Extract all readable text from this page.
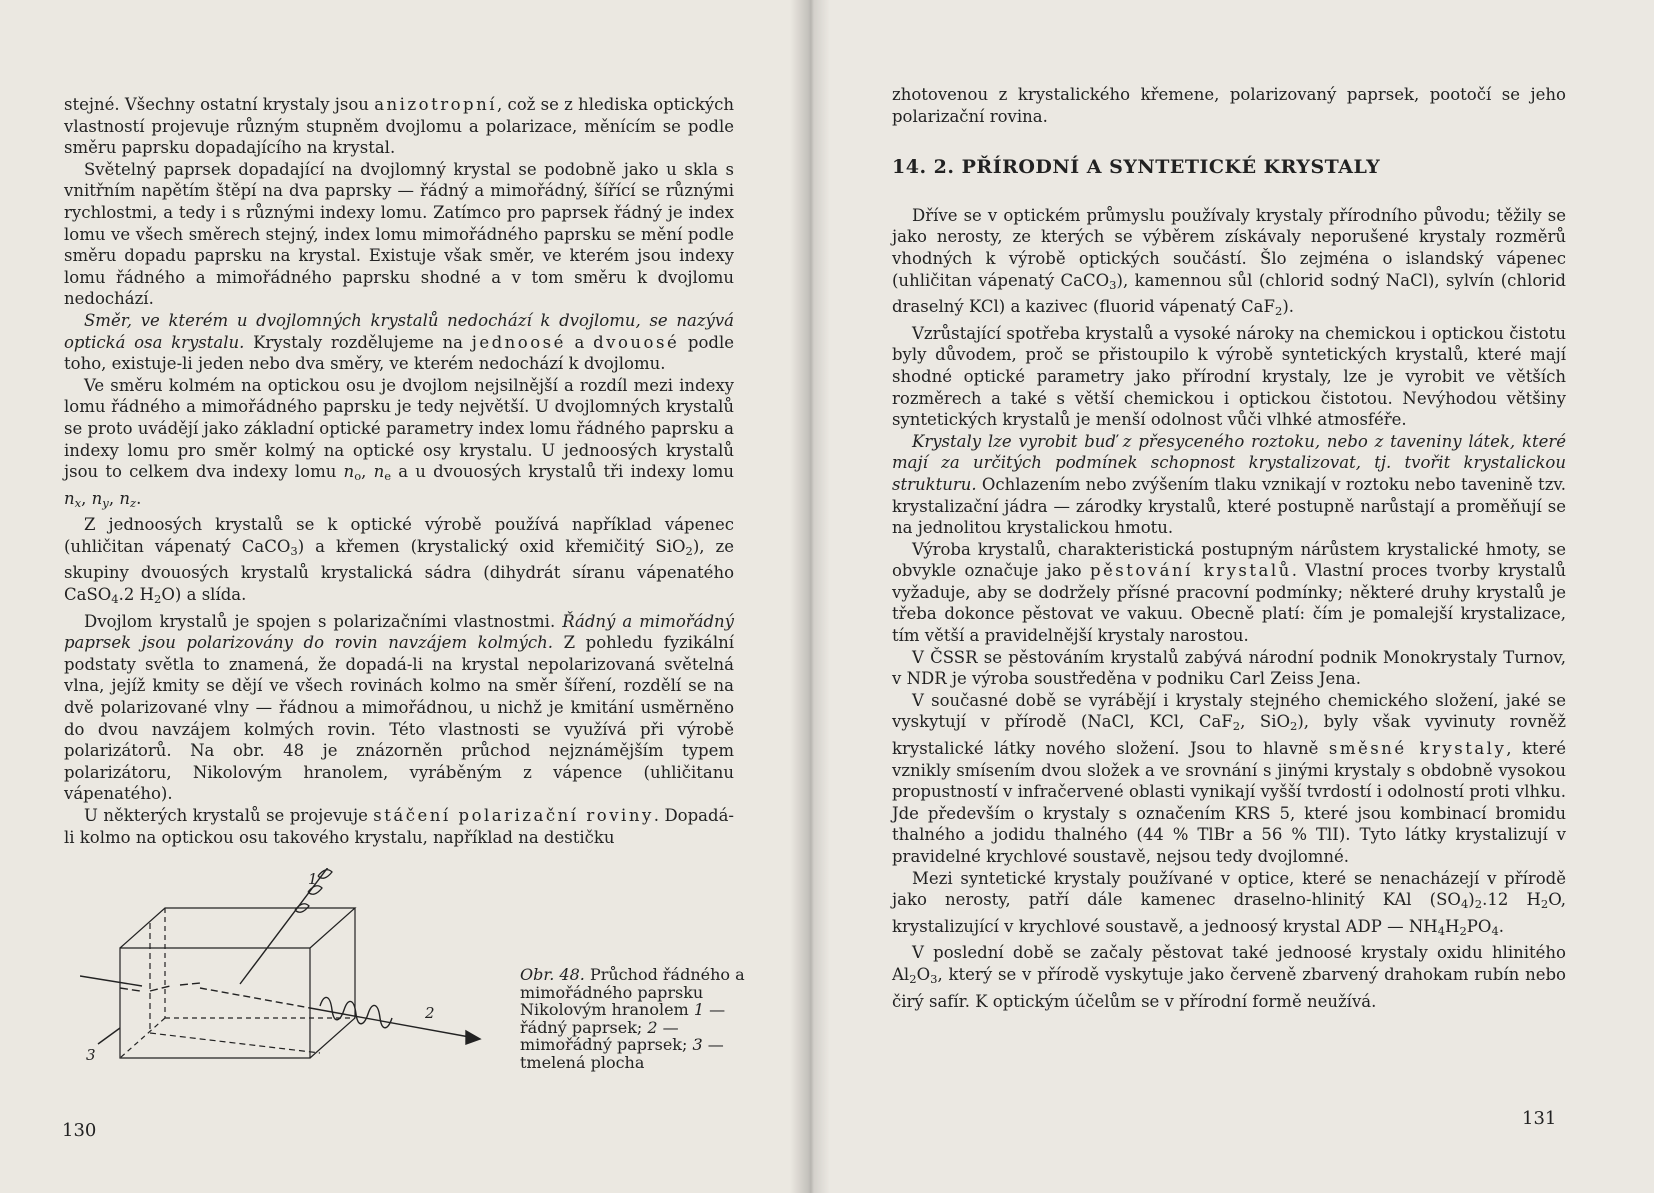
stejné. Všechny ostatní krystaly jsou anizotropní, což se z hlediska optických vlastností projevuje různým stupněm dvojlomu a polarizace, měnícím se podle směru paprsku dopadajícího na krystal.

Světelný paprsek dopadající na dvojlomný krystal se podobně jako u skla s vnitřním napětím štěpí na dva paprsky — řádný a mimořádný, šířící se různými rychlostmi, a tedy i s různými indexy lomu. Zatímco pro paprsek řádný je index lomu ve všech směrech stejný, index lomu mimořádného paprsku se mění podle směru dopadu paprsku na krystal. Existuje však směr, ve kterém jsou indexy lomu řádného a mimořádného paprsku shodné a v tom směru k dvojlomu nedochází.

Směr, ve kterém u dvojlomných krystalů nedochází k dvojlomu, se nazývá optická osa krystalu. Krystaly rozdělujeme na jednoosé a dvouosé podle toho, existuje-li jeden nebo dva směry, ve kterém nedochází k dvojlomu.

Ve směru kolmém na optickou osu je dvojlom nejsilnější a rozdíl mezi indexy lomu řádného a mimořádného paprsku je tedy největší. U dvojlomných krystalů se proto uvádějí jako základní optické parametry index lomu řádného paprsku a indexy lomu pro směr kolmý na optické osy krystalu. U jednoosých krystalů jsou to celkem dva indexy lomu $n_o$, $n_e$ a u dvouosých krystalů tři indexy lomu $n_x$, $n_y$, $n_z$.

Z jednoosých krystalů se k optické výrobě používá například vápenec (uhličitan vápenatý CaCO$_3$) a křemen (krystalický oxid křemičitý SiO$_2$), ze skupiny dvouosých krystalů krystalická sádra (dihydrát síranu vápenatého CaSO$_4$.2 $H_2O$) a slída.

Dvojlom krystalů je spojen s polarizačními vlastnostmi. Řádný a mimořádný paprsek jsou polarizovány do rovin navzájem kolmých. Z pohledu fyzikální podstaty světla to znamená, že dopadá-li na krystal nepolarizovaná světelná vlna, jejíž kmity se dějí ve všech rovinách kolmo na směr šíření, rozdělí se na dvě polarizované vlny — řádnou a mimořádnou, u nichž je kmitání usměrněno do dvou navzájem kolmých rovin. Této vlastnosti se využívá při výrobě polarizátorů. Na obr. 48 je znázorněn průchod nejznámějším typem polarizátoru, Nikolovým hranolem, vyráběným z vápence (uhličitanu vápenatého).

U některých krystalů se projevuje stáčení polarizační roviny. Dopadá-li kolmo na optickou osu takového krystalu, například na destičku

1
2
3

Obr. 48. Průchod řádného a mimořádného paprsku Nikolovým hranolem 1 — řádný paprsek; 2 — mimořádný paprsek; 3 — tmelená plocha

130

zhotovenou z krystalického křemene, polarizovaný paprsek, pootočí se jeho polarizační rovina.

14. 2. PŘÍRODNÍ A SYNTETICKÉ KRYSTALY

Dříve se v optickém průmyslu používaly krystaly přírodního původu; těžily se jako nerosty, ze kterých se výběrem získávaly neporušené krystaly rozměrů vhodných k výrobě optických součástí. Šlo zejména o islandský vápenec (uhličitan vápenatý CaCO$_3$), kamennou sůl (chlorid sodný NaCl), sylvín (chlorid draselný KCl) a kazivec (fluorid vápenatý CaF$_2$).

Vzrůstající spotřeba krystalů a vysoké nároky na chemickou i optickou čistotu byly důvodem, proč se přistoupilo k výrobě syntetických krystalů, které mají shodné optické parametry jako přírodní krystaly, lze je vyrobit ve větších rozměrech a také s větší chemickou i optickou čistotou. Nevýhodou většiny syntetických krystalů je menší odolnost vůči vlhké atmosféře.

Krystaly lze vyrobit buď z přesyceného roztoku, nebo z taveniny látek, které mají za určitých podmínek schopnost krystalizovat, tj. tvořit krystalickou strukturu. Ochlazením nebo zvýšením tlaku vznikají v roztoku nebo tavenině tzv. krystalizační jádra — zárodky krystalů, které postupně narůstají a proměňují se na jednolitou krystalickou hmotu.

Výroba krystalů, charakteristická postupným nárůstem krystalické hmoty, se obvykle označuje jako pěstování krystalů. Vlastní proces tvorby krystalů vyžaduje, aby se dodržely přísné pracovní podmínky; některé druhy krystalů je třeba dokonce pěstovat ve vakuu. Obecně platí: čím je pomalejší krystalizace, tím větší a pravidelnější krystaly narostou.

V ČSSR se pěstováním krystalů zabývá národní podnik Monokrystaly Turnov, v NDR je výroba soustředěna v podniku Carl Zeiss Jena.

V současné době se vyrábějí i krystaly stejného chemického složení, jaké se vyskytují v přírodě (NaCl, KCl, CaF$_2$, SiO$_2$), byly však vyvinuty rovněž krystalické látky nového složení. Jsou to hlavně směsné krystaly, které vznikly smísením dvou složek a ve srovnání s jinými krystaly s obdobně vysokou propustností v infračervené oblasti vynikají vyšší tvrdostí i odolností proti vlhku. Jde především o krystaly s označením KRS 5, které jsou kombinací bromidu thalného a jodidu thalného (44 % TlBr a 56 % TlI). Tyto látky krystalizují v pravidelné krychlové soustavě, nejsou tedy dvojlomné.

Mezi syntetické krystaly používané v optice, které se nenacházejí v přírodě jako nerosty, patří dále kamenec draselno-hlinitý KAl $(SO_4)_2.12$ $H_2O$, krystalizující v krychlové soustavě, a jednoosý krystal ADP — $NH_4H_2PO_4$.

V poslední době se začaly pěstovat také jednoosé krystaly oxidu hlinitého $Al_2O_3$, který se v přírodě vyskytuje jako červeně zbarvený drahokam rubín nebo čirý safír. K optickým účelům se v přírodní formě neužívá.

131
